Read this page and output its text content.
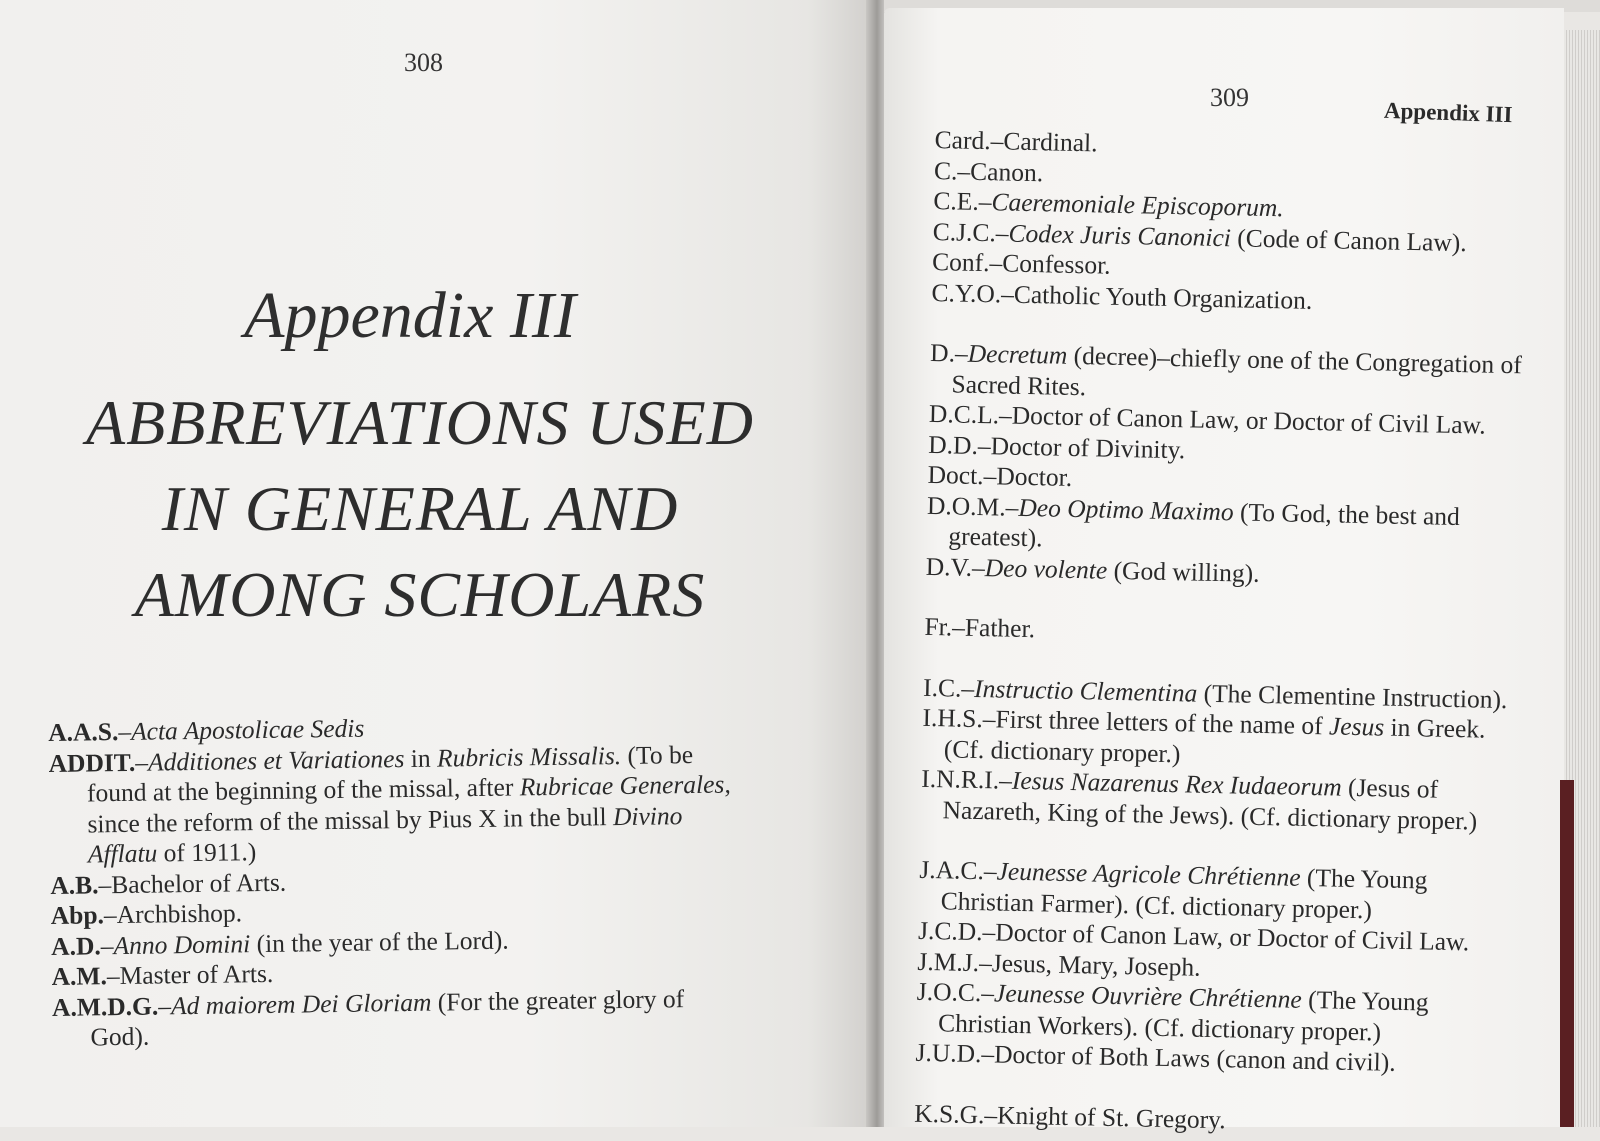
308
Appendix III
ABBREVIATIONS USED
IN GENERAL AND
AMONG SCHOLARS

A.A.S.–Acta Apostolicae Sedis

ADDIT.–Additiones et Variationes in Rubricis Missalis. (To be found at the beginning of the missal, after Rubricae Generales, since the reform of the missal by Pius X in the bull Divino Afflatu of 1911.)

A.B.–Bachelor of Arts.

Abp.–Archbishop.

A.D.–Anno Domini (in the year of the Lord).

A.M.–Master of Arts.

A.M.D.G.–Ad maiorem Dei Gloriam (For the greater glory of God).

309
Appendix III

Card.–Cardinal.

C.–Canon.

C.E.–Caeremoniale Episcoporum.

C.J.C.–Codex Juris Canonici (Code of Canon Law).

Conf.–Confessor.

C.Y.O.–Catholic Youth Organization.

D.–Decretum (decree)–chiefly one of the Congregation of Sacred Rites.

D.C.L.–Doctor of Canon Law, or Doctor of Civil Law.

D.D.–Doctor of Divinity.

Doct.–Doctor.

D.O.M.–Deo Optimo Maximo (To God, the best and greatest).

D.V.–Deo volente (God willing).

Fr.–Father.

I.C.–Instructio Clementina (The Clementine Instruction).

I.H.S.–First three letters of the name of Jesus in Greek. (Cf. dictionary proper.)

I.N.R.I.–Iesus Nazarenus Rex Iudaeorum (Jesus of Nazareth, King of the Jews). (Cf. dictionary proper.)

J.A.C.–Jeunesse Agricole Chrétienne (The Young Christian Farmer). (Cf. dictionary proper.)

J.C.D.–Doctor of Canon Law, or Doctor of Civil Law.

J.M.J.–Jesus, Mary, Joseph.

J.O.C.–Jeunesse Ouvrière Chrétienne (The Young Christian Workers). (Cf. dictionary proper.)

J.U.D.–Doctor of Both Laws (canon and civil).

K.S.G.–Knight of St. Gregory.
